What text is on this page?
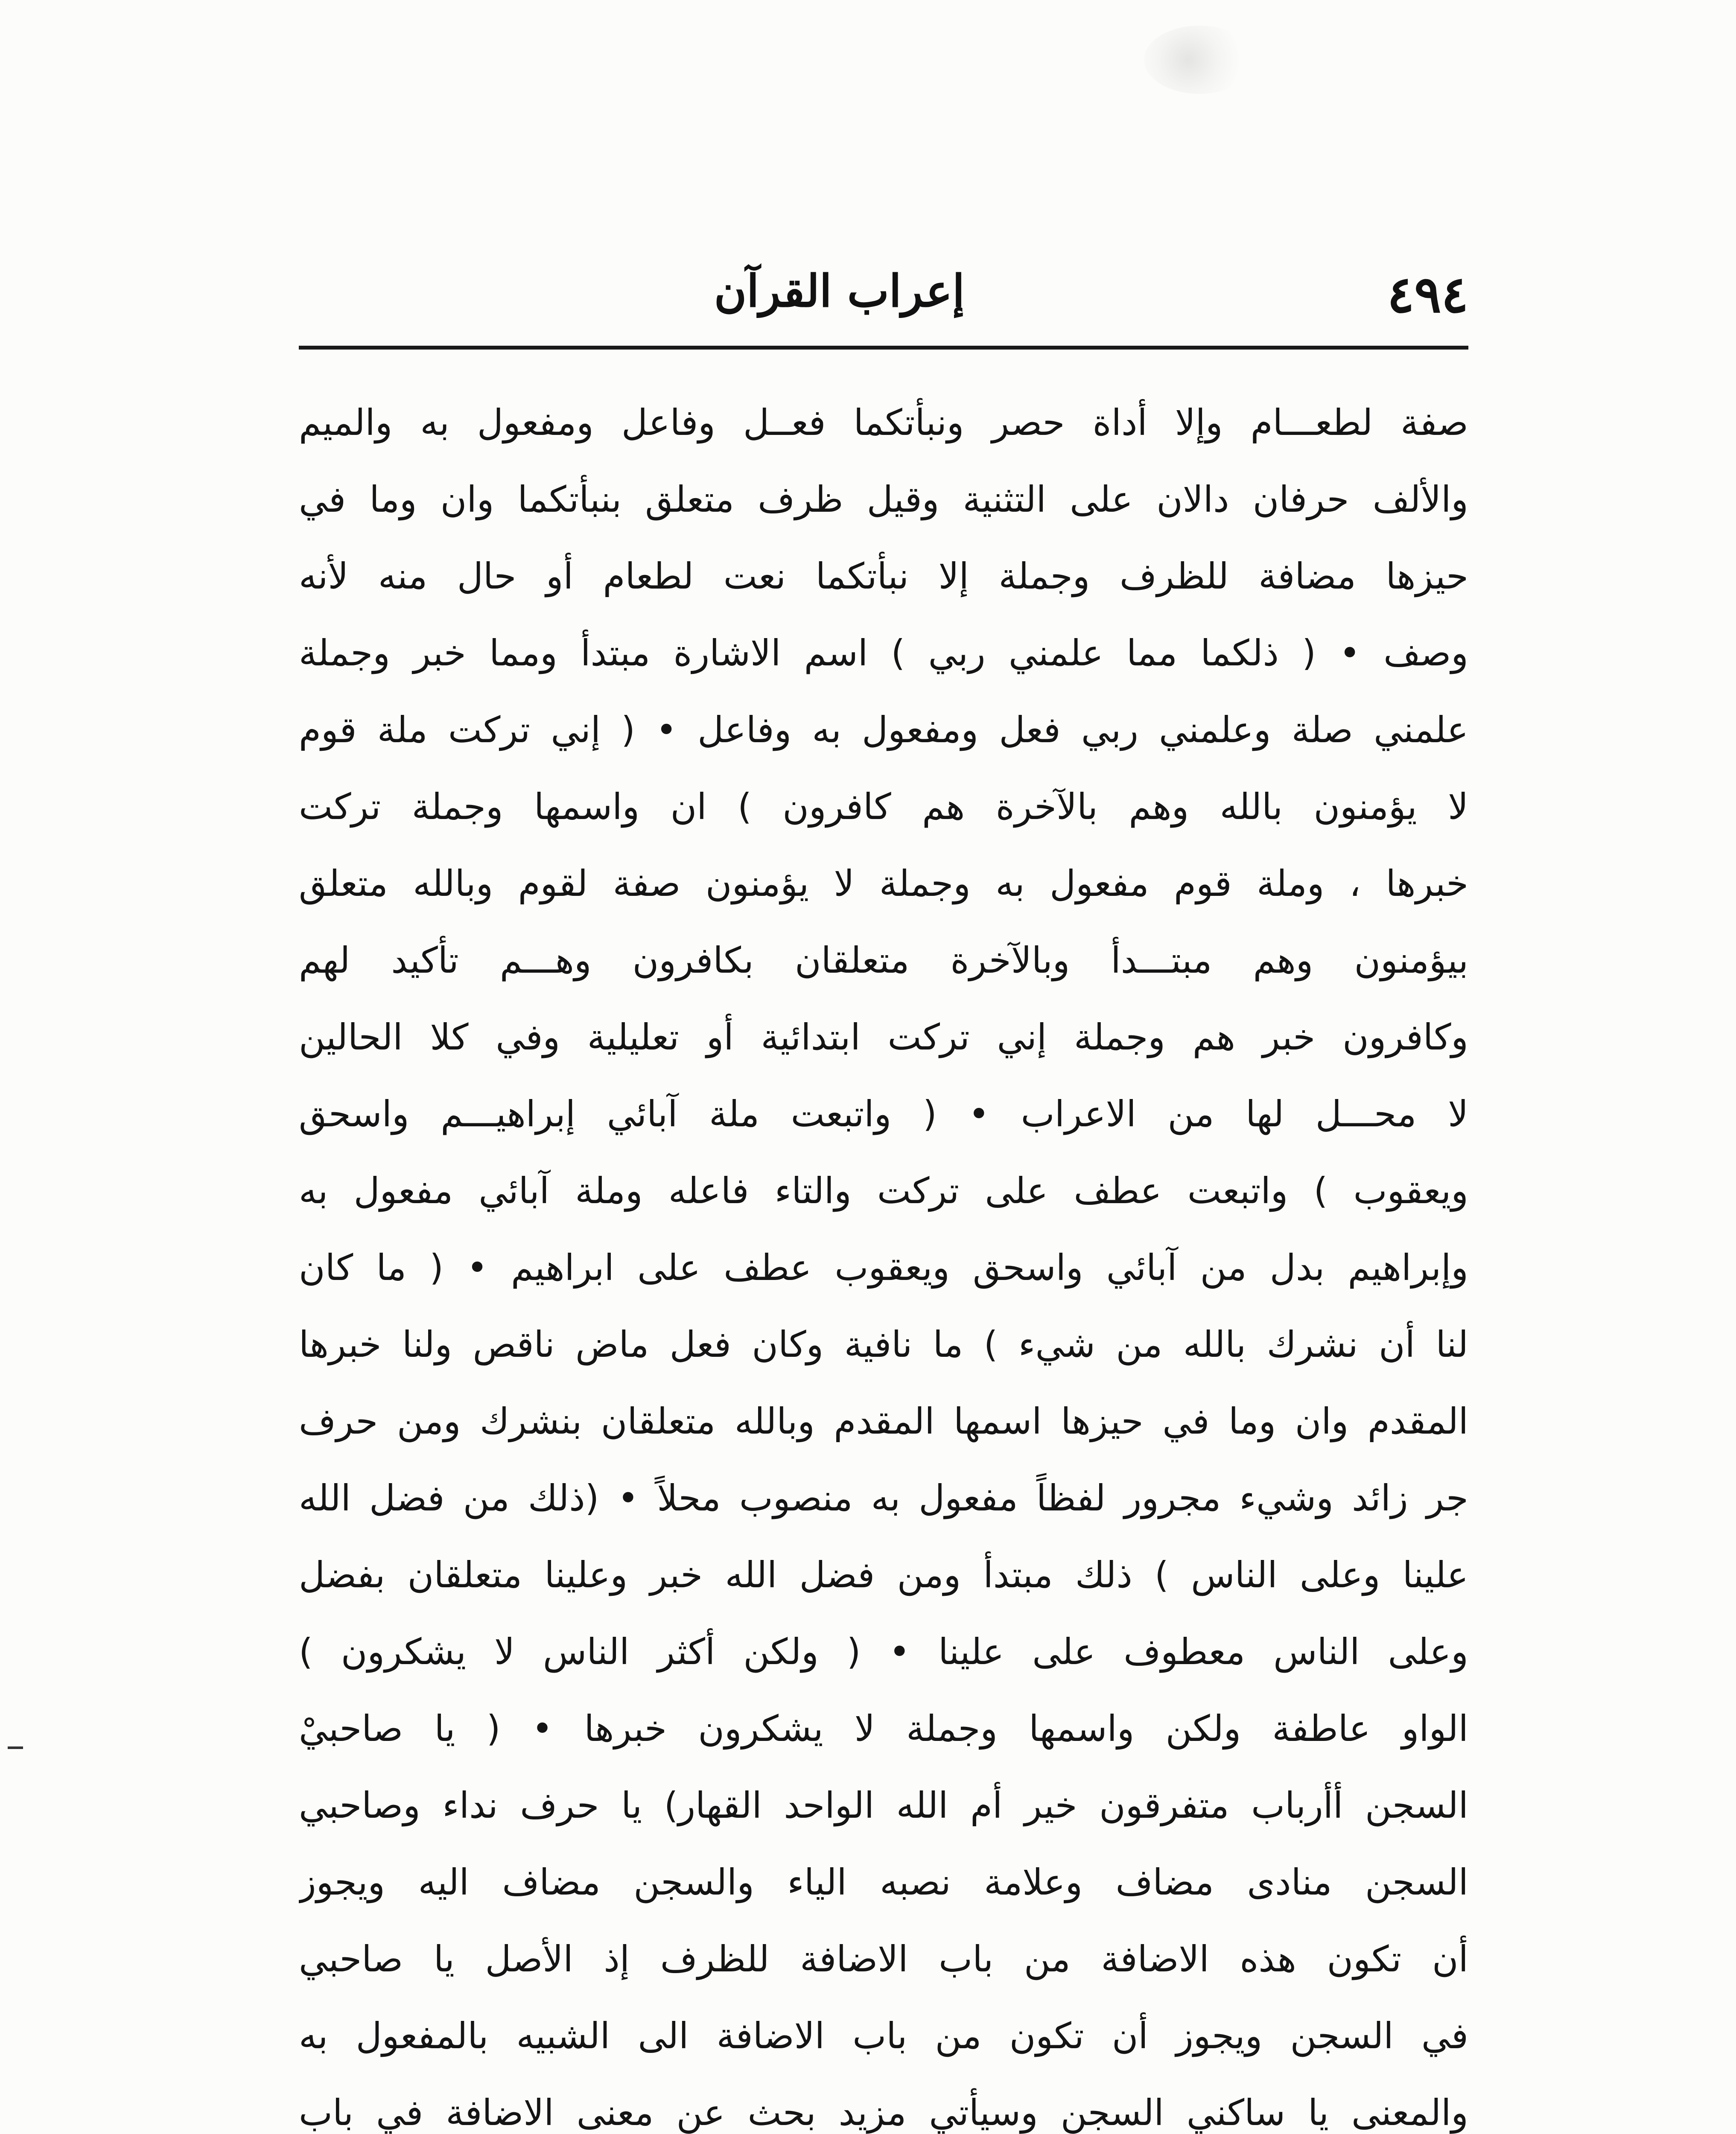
٤٩٤
إعراب القرآن
صفة لطعـــام وإلا أداة حصر ونبأتكما فعــل وفاعل ومفعول به والميم
والألف حرفان دالان على التثنية وقيل ظرف متعلق بنبأتكما وان وما في
حيزها مضافة للظرف وجملة إلا نبأتكما نعت لطعام أو حال منه لأنه
وصف • ( ذلكما مما علمني ربي ) اسم الاشارة مبتدأ ومما خبر وجملة
علمني صلة وعلمني ربي فعل ومفعول به وفاعل • ( إني تركت ملة قوم
لا يؤمنون بالله وهم بالآخرة هم كافرون ) ان واسمها وجملة تركت
خبرها ، وملة قوم مفعول به وجملة لا يؤمنون صفة لقوم وبالله متعلق
بيؤمنون وهم مبتـــدأ وبالآخرة متعلقان بكافرون وهـــم تأكيد لهم
وكافرون خبر هم وجملة إني تركت ابتدائية أو تعليلية وفي كلا الحالين
لا محـــل لها من الاعراب • ( واتبعت ملة آبائي إبراهيـــم واسحق
ويعقوب ) واتبعت عطف على تركت والتاء فاعله وملة آبائي مفعول به
وإبراهيم بدل من آبائي واسحق ويعقوب عطف على ابراهيم • ( ما كان
لنا أن نشرك بالله من شيء ) ما نافية وكان فعل ماض ناقص ولنا خبرها
المقدم وان وما في حيزها اسمها المقدم وبالله متعلقان بنشرك ومن حرف
جر زائد وشيء مجرور لفظاً مفعول به منصوب محلاً • (ذلك من فضل الله
علينا وعلى الناس ) ذلك مبتدأ ومن فضل الله خبر وعلينا متعلقان بفضل
وعلى الناس معطوف على علينا • ( ولكن أكثر الناس لا يشكرون )
الواو عاطفة ولكن واسمها وجملة لا يشكرون خبرها • ( يا صاحبيْ
السجن أأرباب متفرقون خير أم الله الواحد القهار) يا حرف نداء وصاحبي
السجن منادى مضاف وعلامة نصبه الياء والسجن مضاف اليه ويجوز
أن تكون هذه الاضافة من باب الاضافة للظرف إذ الأصل يا صاحبي
في السجن ويجوز أن تكون من باب الاضافة الى الشبيه بالمفعول به
والمعنى يا ساكني السجن وسيأتي مزيد بحث عن معنى الاضافة في باب
